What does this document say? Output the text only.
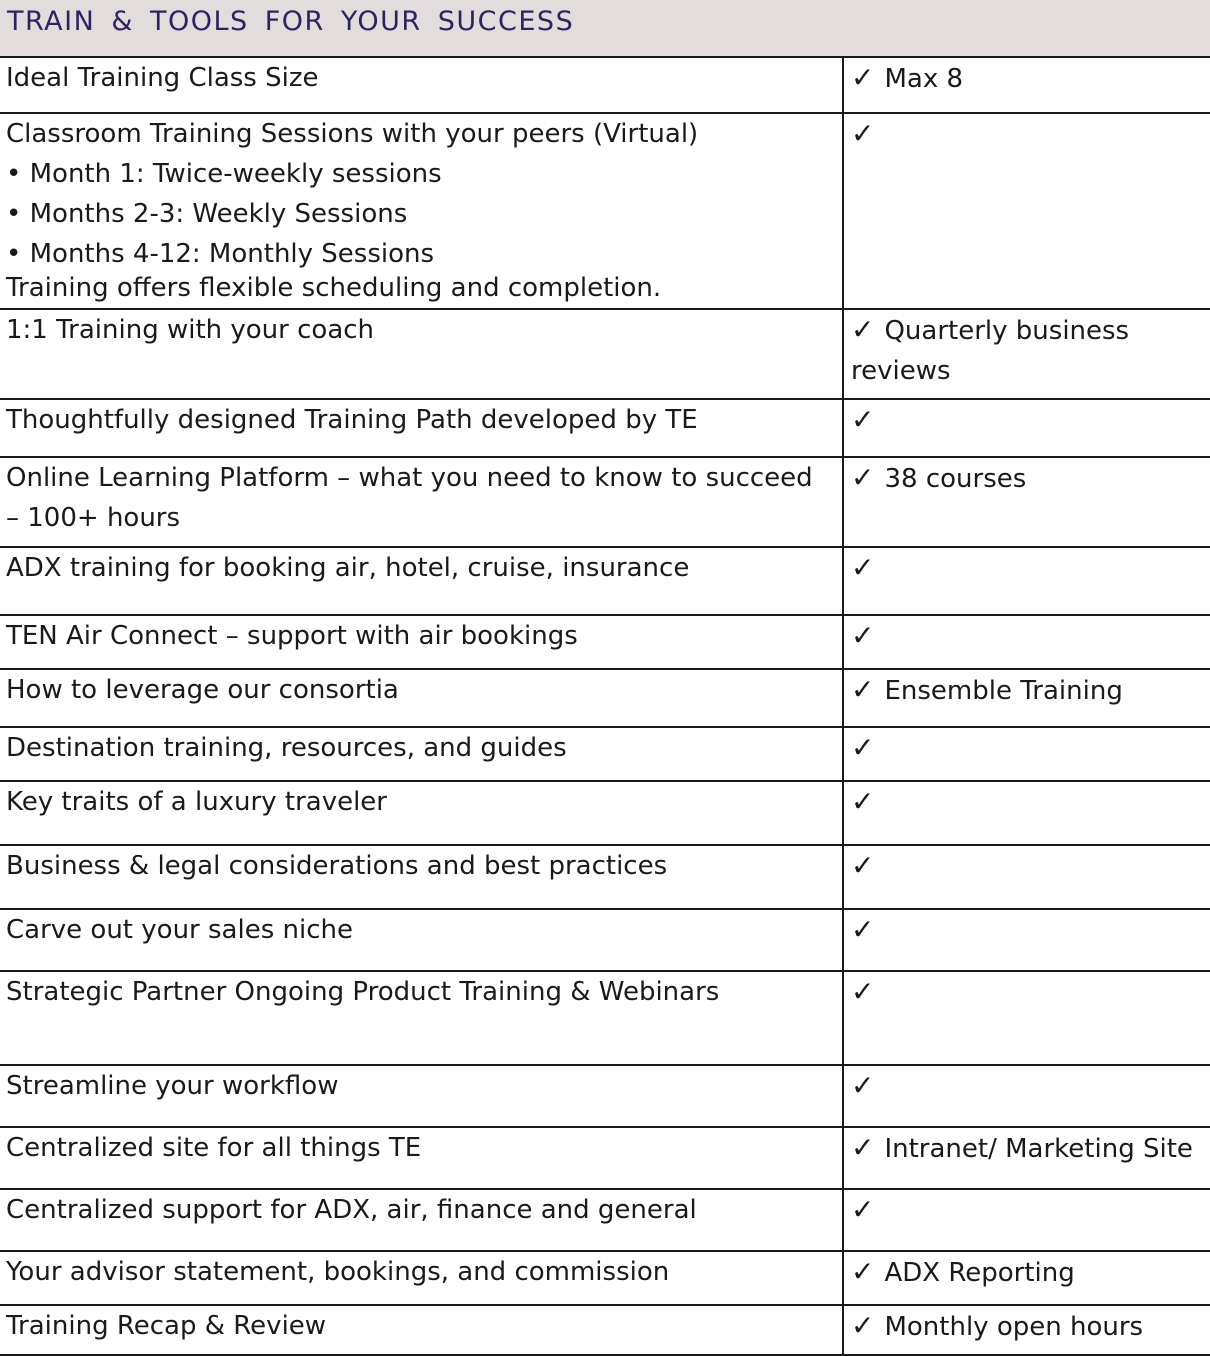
TRAIN & TOOLS FOR YOUR SUCCESS
Ideal Training Class Size	✓ Max 8

Classroom Training Sessions with your peers (Virtual)
• Month 1: Twice-weekly sessions
• Months 2-3: Weekly Sessions
• Months 4-12: Monthly Sessions
Training offers flexible scheduling and completion.	✓

1:1 Training with your coach	✓ Quarterly business
reviews

Thoughtfully designed Training Path developed by TE	✓

Online Learning Platform – what you need to know to succeed
– 100+ hours	✓ 38 courses

ADX training for booking air, hotel, cruise, insurance	✓

TEN Air Connect – support with air bookings	✓

How to leverage our consortia	✓ Ensemble Training

Destination training, resources, and guides	✓

Key traits of a luxury traveler	✓

Business & legal considerations and best practices	✓

Carve out your sales niche	✓

Strategic Partner Ongoing Product Training & Webinars	✓

Streamline your workflow	✓

Centralized site for all things TE	✓ Intranet/ Marketing Site

Centralized support for ADX, air, finance and general	✓

Your advisor statement, bookings, and commission	✓ ADX Reporting

Training Recap & Review	✓ Monthly open hours
